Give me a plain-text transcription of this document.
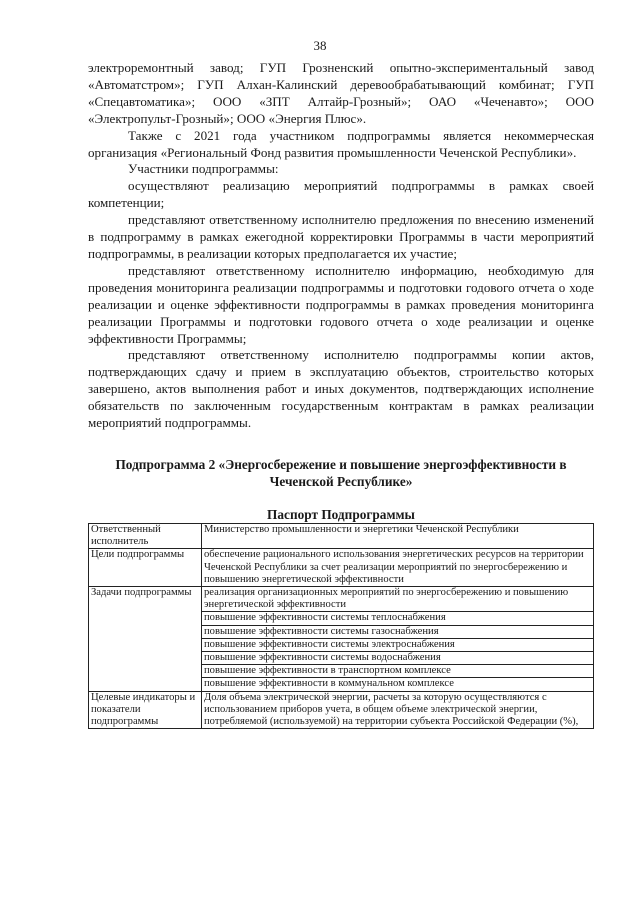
38

электроремонтный завод; ГУП Грозненский опытно-экспериментальный завод «Автоматстром»; ГУП Алхан-Калинский деревообрабатывающий комбинат; ГУП «Спецавтоматика»; ООО «ЗПТ Алтайр-Грозный»; ОАО «Чеченавто»; ООО «Электропульт-Грозный»; ООО «Энергия Плюс».

Также с 2021 года участником подпрограммы является некоммерческая организация «Региональный Фонд развития промышленности Чеченской Республики».

Участники подпрограммы:

осуществляют реализацию мероприятий подпрограммы в рамках своей компетенции;

представляют ответственному исполнителю предложения по внесению изменений в подпрограмму в рамках ежегодной корректировки Программы в части мероприятий подпрограммы, в реализации которых предполагается их участие;

представляют ответственному исполнителю информацию, необходимую для проведения мониторинга реализации подпрограммы и подготовки годового отчета о ходе реализации и оценке эффективности подпрограммы в рамках проведения мониторинга реализации Программы и подготовки годового отчета о ходе реализации и оценке эффективности Программы;

представляют ответственному исполнителю подпрограммы копии актов, подтверждающих сдачу и прием в эксплуатацию объектов, строительство которых завершено, актов выполнения работ и иных документов, подтверждающих исполнение обязательств по заключенным государственным контрактам в рамках реализации мероприятий подпрограммы.

Подпрограмма 2 «Энергосбережение и повышение энергоэффективности в Чеченской Республике»
Паспорт Подпрограммы
Ответственный исполнитель	Министерство промышленности и энергетики Чеченской Республики
Цели подпрограммы	обеспечение рационального использования энергетических ресурсов на территории Чеченской Республики за счет реализации мероприятий по энергосбережению и повышению энергетической эффективности
Задачи подпрограммы	реализация организационных мероприятий по энергосбережению и повышению энергетической эффективности
	повышение эффективности системы теплоснабжения
	повышение эффективности системы газоснабжения
	повышение эффективности системы электроснабжения
	повышение эффективности системы водоснабжения
	повышение эффективности в транспортном комплексе
	повышение эффективности в коммунальном комплексе
Целевые индикаторы и показатели подпрограммы	Доля объема электрической энергии, расчеты за которую осуществляются с использованием приборов учета, в общем объеме электрической энергии, потребляемой (используемой) на территории субъекта Российской Федерации (%),
